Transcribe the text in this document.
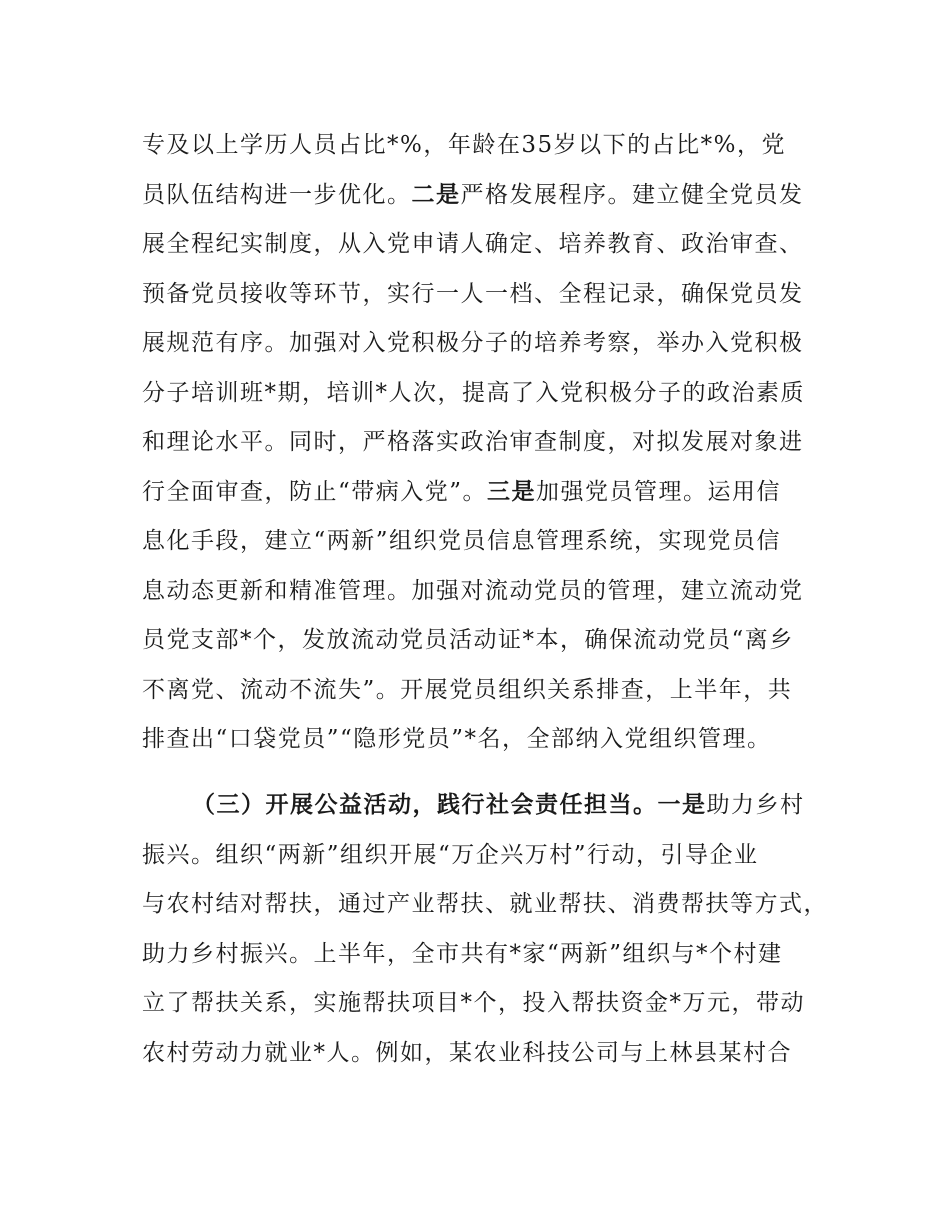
专及以上学历人员占比*%，年龄在35岁以下的占比*%，党
员队伍结构进一步优化。二是严格发展程序。建立健全党员发
展全程纪实制度，从入党申请人确定、培养教育、政治审查、
预备党员接收等环节，实行一人一档、全程记录，确保党员发
展规范有序。加强对入党积极分子的培养考察，举办入党积极
分子培训班*期，培训*人次，提高了入党积极分子的政治素质
和理论水平。同时，严格落实政治审查制度，对拟发展对象进
行全面审查，防止“带病入党”。三是加强党员管理。运用信
息化手段，建立“两新”组织党员信息管理系统，实现党员信
息动态更新和精准管理。加强对流动党员的管理，建立流动党
员党支部*个，发放流动党员活动证*本，确保流动党员“离乡
不离党、流动不流失”。开展党员组织关系排查，上半年，共
排查出“口袋党员”“隐形党员”*名，全部纳入党组织管理。
（三）开展公益活动，践行社会责任担当。一是助力乡村
振兴。组织“两新”组织开展“万企兴万村”行动，引导企业
与农村结对帮扶，通过产业帮扶、就业帮扶、消费帮扶等方式，
助力乡村振兴。上半年，全市共有*家“两新”组织与*个村建
立了帮扶关系，实施帮扶项目*个，投入帮扶资金*万元，带动
农村劳动力就业*人。例如，某农业科技公司与上林县某村合
